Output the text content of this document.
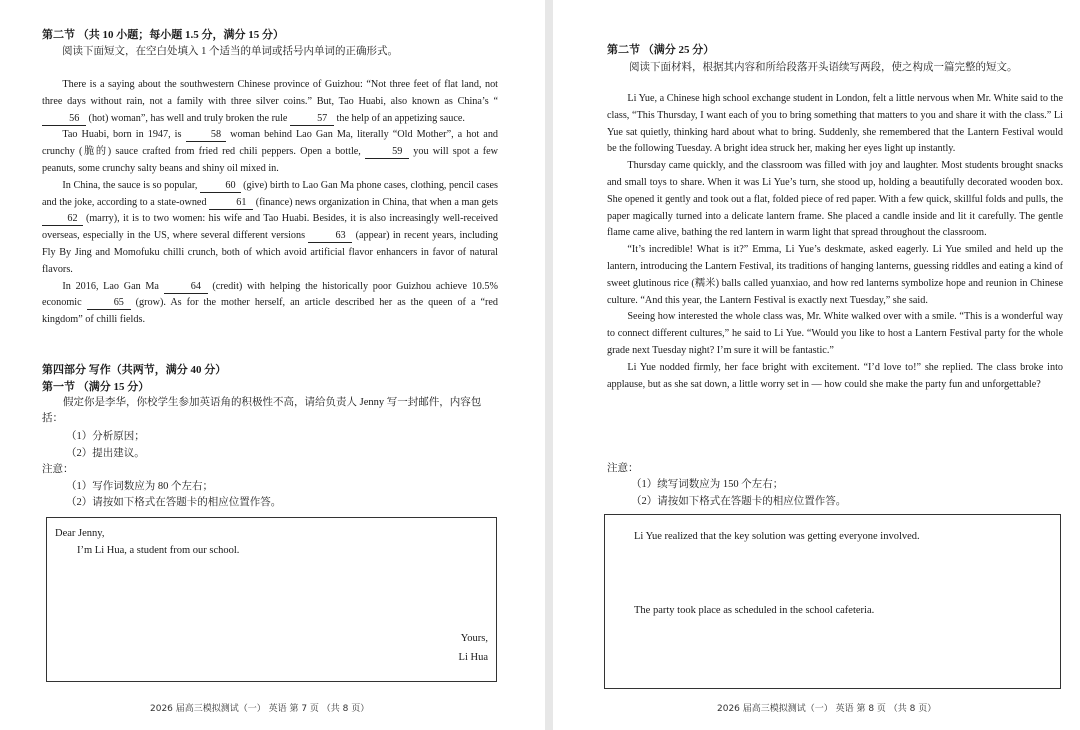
第二节 （共 10 小题；每小题 1.5 分，满分 15 分）
阅读下面短文，在空白处填入 1 个适当的单词或括号内单词的正确形式。

There is a saying about the southwestern Chinese province of Guizhou: “Not three feet of flat land, not three days without rain, not a family with three silver coins.” But, Tao Huabi, also known as China’s “56 (hot) woman”, has well and truly broken the rule	57 the help of an appetizing sauce.

Tao Huabi, born in 1947, is 58 woman behind Lao Gan Ma, literally “Old Mother”, a hot and crunchy (脆的) sauce crafted from fried red chili peppers. Open a bottle,	59 you will spot a few peanuts, some crunchy salty beans and shiny oil mixed in.

In China, the sauce is so popular, 60 (give) birth to Lao Gan Ma phone cases, clothing, pencil cases and the joke, according to a state-owned	61 (finance) news organization in China, that when a man gets 62 (marry), it is to two women: his wife and Tao Huabi. Besides, it is also increasingly well-received overseas, especially in the US, where several different versions	63 (appear) in recent years, including Fly By Jing and Momofuku chilli crunch, both of which avoid artificial flavor enhancers in favor of natural flavors.

In 2016, Lao Gan Ma	64 (credit) with helping the historically poor Guizhou achieve 10.5% economic	65 (grow). As for the mother herself, an article described her as the queen of a “red kingdom” of chilli fields.

第四部分 写作（共两节，满分 40 分）
第一节 （满分 15 分）
假定你是李华，你校学生参加英语角的积极性不高，请给负责人 Jenny 写一封邮件，内容包括：
（1）分析原因；
（2）提出建议。
注意：
（1）写作词数应为 80 个左右；
（2）请按如下格式在答题卡的相应位置作答。
Dear Jenny,
I’m Li Hua, a student from our school.
Yours,
Li Hua
2026 届高三模拟测试（一） 英语 第 7 页 （共 8 页）
第二节 （满分 25 分）
阅读下面材料，根据其内容和所给段落开头语续写两段，使之构成一篇完整的短文。

Li Yue, a Chinese high school exchange student in London, felt a little nervous when Mr. White said to the class, “This Thursday, I want each of you to bring something that matters to you and share it with the class.” Li Yue sat quietly, thinking hard about what to bring. Suddenly, she remembered that the Lantern Festival would be the following Tuesday. A bright idea struck her, making her eyes light up instantly.

Thursday came quickly, and the classroom was filled with joy and laughter. Most students brought snacks and small toys to share. When it was Li Yue’s turn, she stood up, holding a beautifully decorated wooden box. She opened it gently and took out a flat, folded piece of red paper. With a few quick, skillful folds and pulls, the paper magically turned into a delicate lantern frame. She placed a candle inside and lit it carefully. The gentle flame came alive, bathing the red lantern in warm light that spread throughout the classroom.

“It’s incredible! What is it?” Emma, Li Yue’s deskmate, asked eagerly. Li Yue smiled and held up the lantern, introducing the Lantern Festival, its traditions of hanging lanterns, guessing riddles and eating a kind of sweet glutinous rice (糯米) balls called yuanxiao, and how red lanterns symbolize hope and reunion in Chinese culture. “And this year, the Lantern Festival is exactly next Tuesday,” she said.

Seeing how interested the whole class was, Mr. White walked over with a smile. “This is a wonderful way to connect different cultures,” he said to Li Yue. “Would you like to host a Lantern Festival party for the whole grade next Tuesday night? I’m sure it will be fantastic.”

Li Yue nodded firmly, her face bright with excitement. “I’d love to!” she replied. The class broke into applause, but as she sat down, a little worry set in — how could she make the party fun and unforgettable?

注意：
（1）续写词数应为 150 个左右；
（2）请按如下格式在答题卡的相应位置作答。
Li Yue realized that the key solution was getting everyone involved.
The party took place as scheduled in the school cafeteria.
2026 届高三模拟测试（一） 英语 第 8 页 （共 8 页）
